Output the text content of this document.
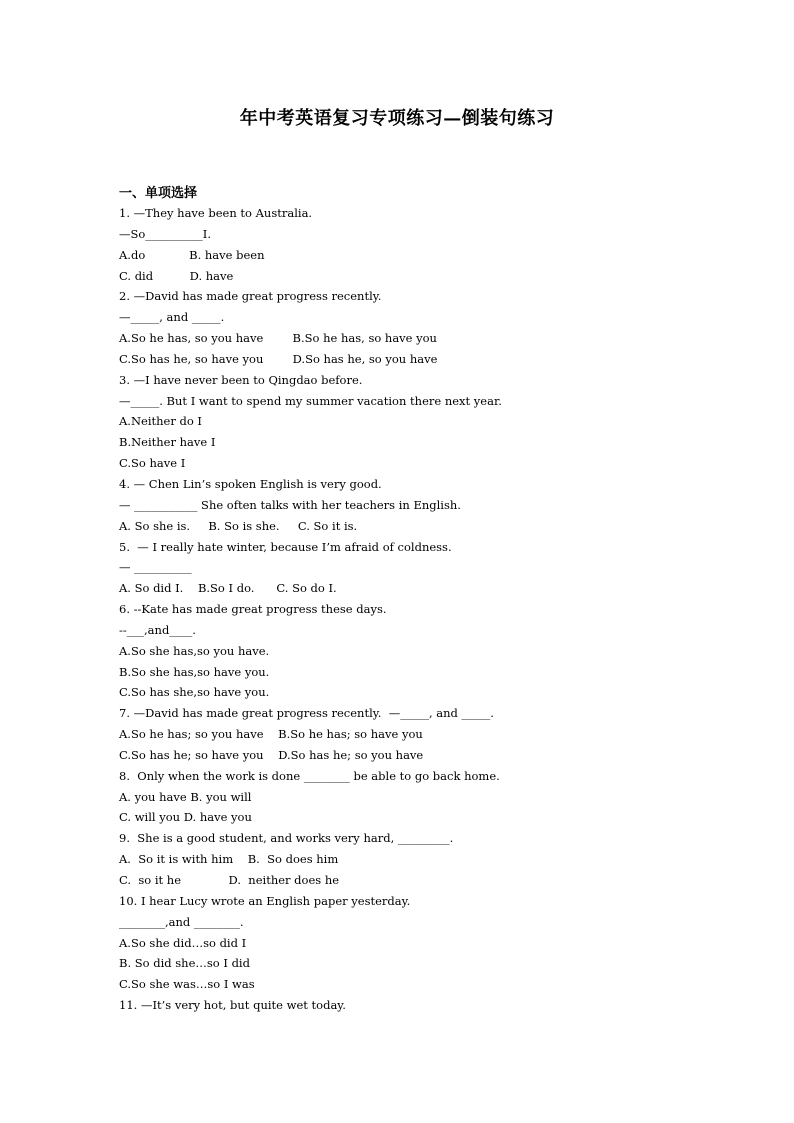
年中考英语复习专项练习—倒装句练习
一、单项选择
1. —They have been to Australia.
—So__________I.
A.do            B. have been
C. did          D. have
2. —David has made great progress recently.
—_____, and _____.
A.So he has, so you have        B.So he has, so have you
C.So has he, so have you        D.So has he, so you have
3. —I have never been to Qingdao before.
—_____. But I want to spend my summer vacation there next year.
A.Neither do I
B.Neither have I
C.So have I
4. — Chen Lin’s spoken English is very good.
— ___________ She often talks with her teachers in English.
A. So she is.     B. So is she.     C. So it is.
5.  — I really hate winter, because I’m afraid of coldness.
— __________
A. So did I.    B.So I do.      C. So do I.
6. --Kate has made great progress these days.
--___,and____.
A.So she has,so you have.
B.So she has,so have you.
C.So has she,so have you.
7. —David has made great progress recently.  —_____, and _____.
A.So he has; so you have    B.So he has; so have you
C.So has he; so have you    D.So has he; so you have
8.  Only when the work is done ________ be able to go back home.
A. you have B. you will
C. will you D. have you
9.  She is a good student, and works very hard, _________.
A.  So it is with him    B.  So does him
C.  so it he             D.  neither does he
10. I hear Lucy wrote an English paper yesterday.
________,and ________.
A.So she did…so did I
B. So did she…so I did
C.So she was…so I was
11. —It’s very hot, but quite wet today.
